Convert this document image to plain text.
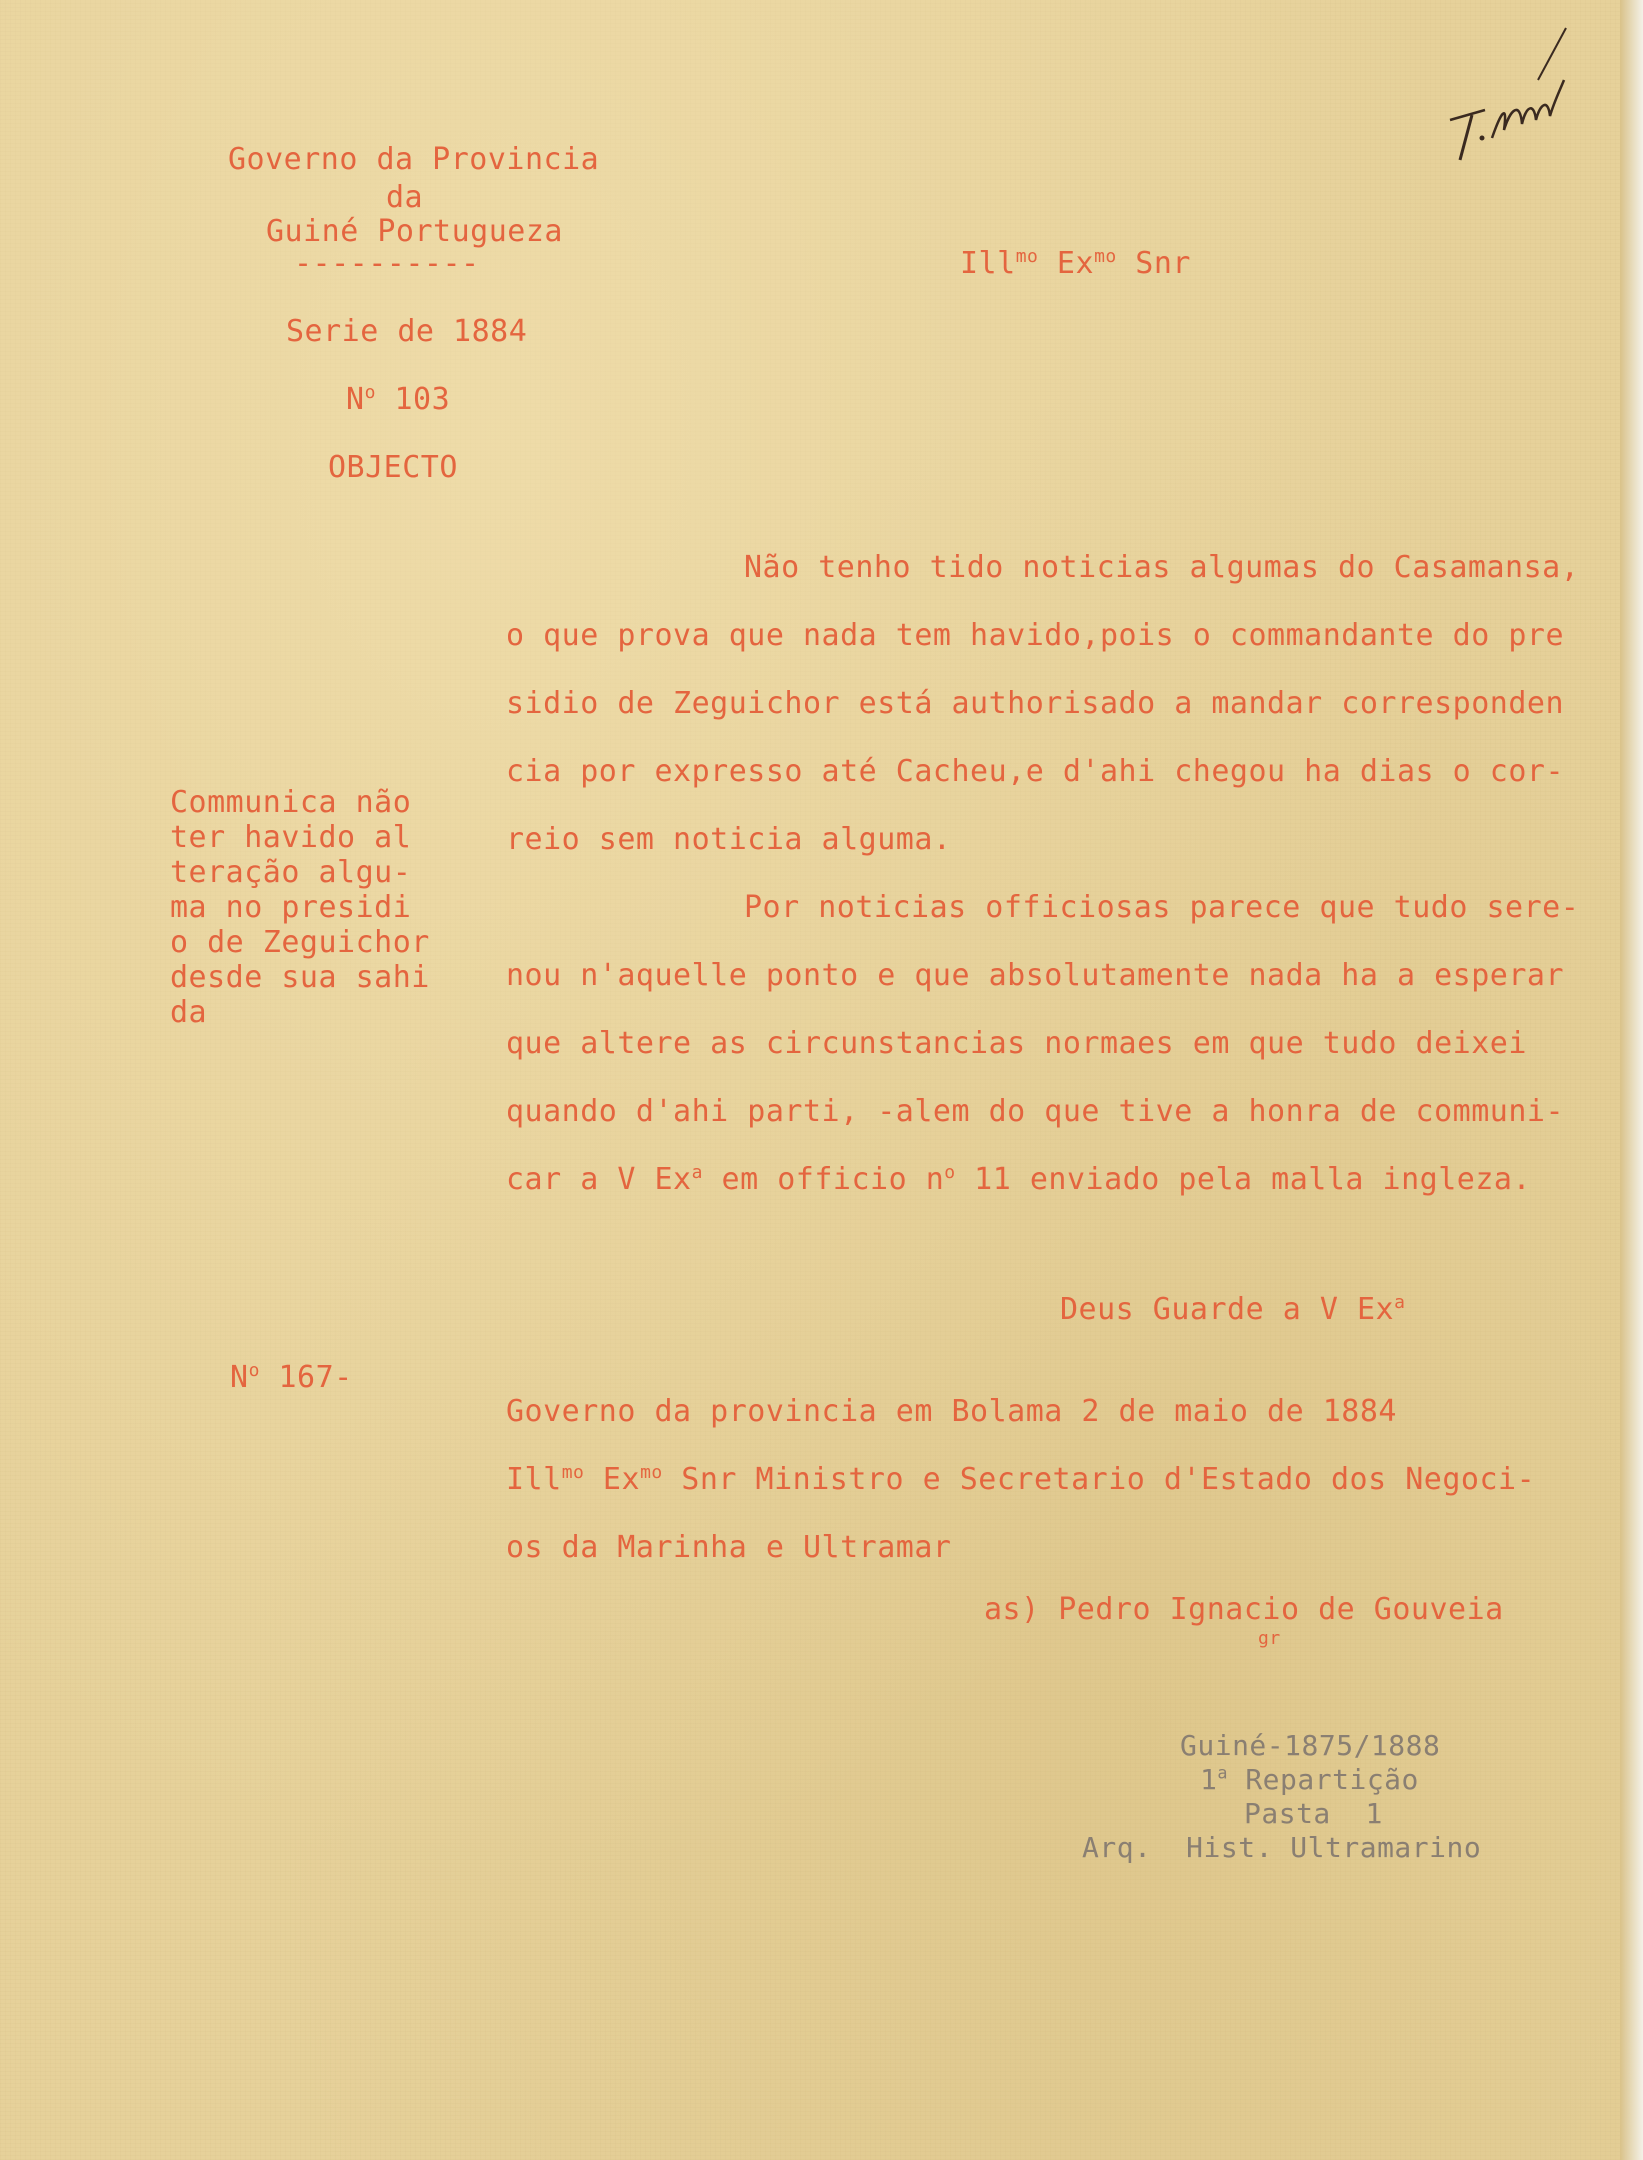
Governo da Provincia

da

Guiné Portugueza

----------

Serie de 1884

$N^o$ 103

OBJECTO

Ill$^{mo}$ $Ex^{mo}$ Snr

Communica não

ter havido al

teração algu-

ma no presidi

o de Zeguichor

desde sua sahi

da

Não tenho tido noticias algumas do Casamansa,

o que prova que nada tem havido,pois o commandante do pre

sidio de Zeguichor está authorisado a mandar corresponden

cia por expresso até Cacheu,e d'ahi chegou ha dias o cor-

reio sem noticia alguma.

Por noticias officiosas parece que tudo sere-

nou n'aquelle ponto e que absolutamente nada ha a esperar

que altere as circunstancias normaes em que tudo deixei

quando d'ahi parti, -alem do que tive a honra de communi-

car a V Ex$^a$ em officio $n^o$ 11 enviado pela malla ingleza.

Deus Guarde a V Ex$^a$

$N^o$ 167-

Governo da provincia em Bolama 2 de maio de 1884

Ill$^{mo}$ $Ex^{mo}$ Snr Ministro e Secretario d'Estado dos Negoci-

os da Marinha e Ultramar

as) Pedro Ignacio de Gouveia

$^{gr}$

Guiné-1875/1888

1$^a$ Repartição

Pasta  1

Arq.  Hist. Ultramarino
